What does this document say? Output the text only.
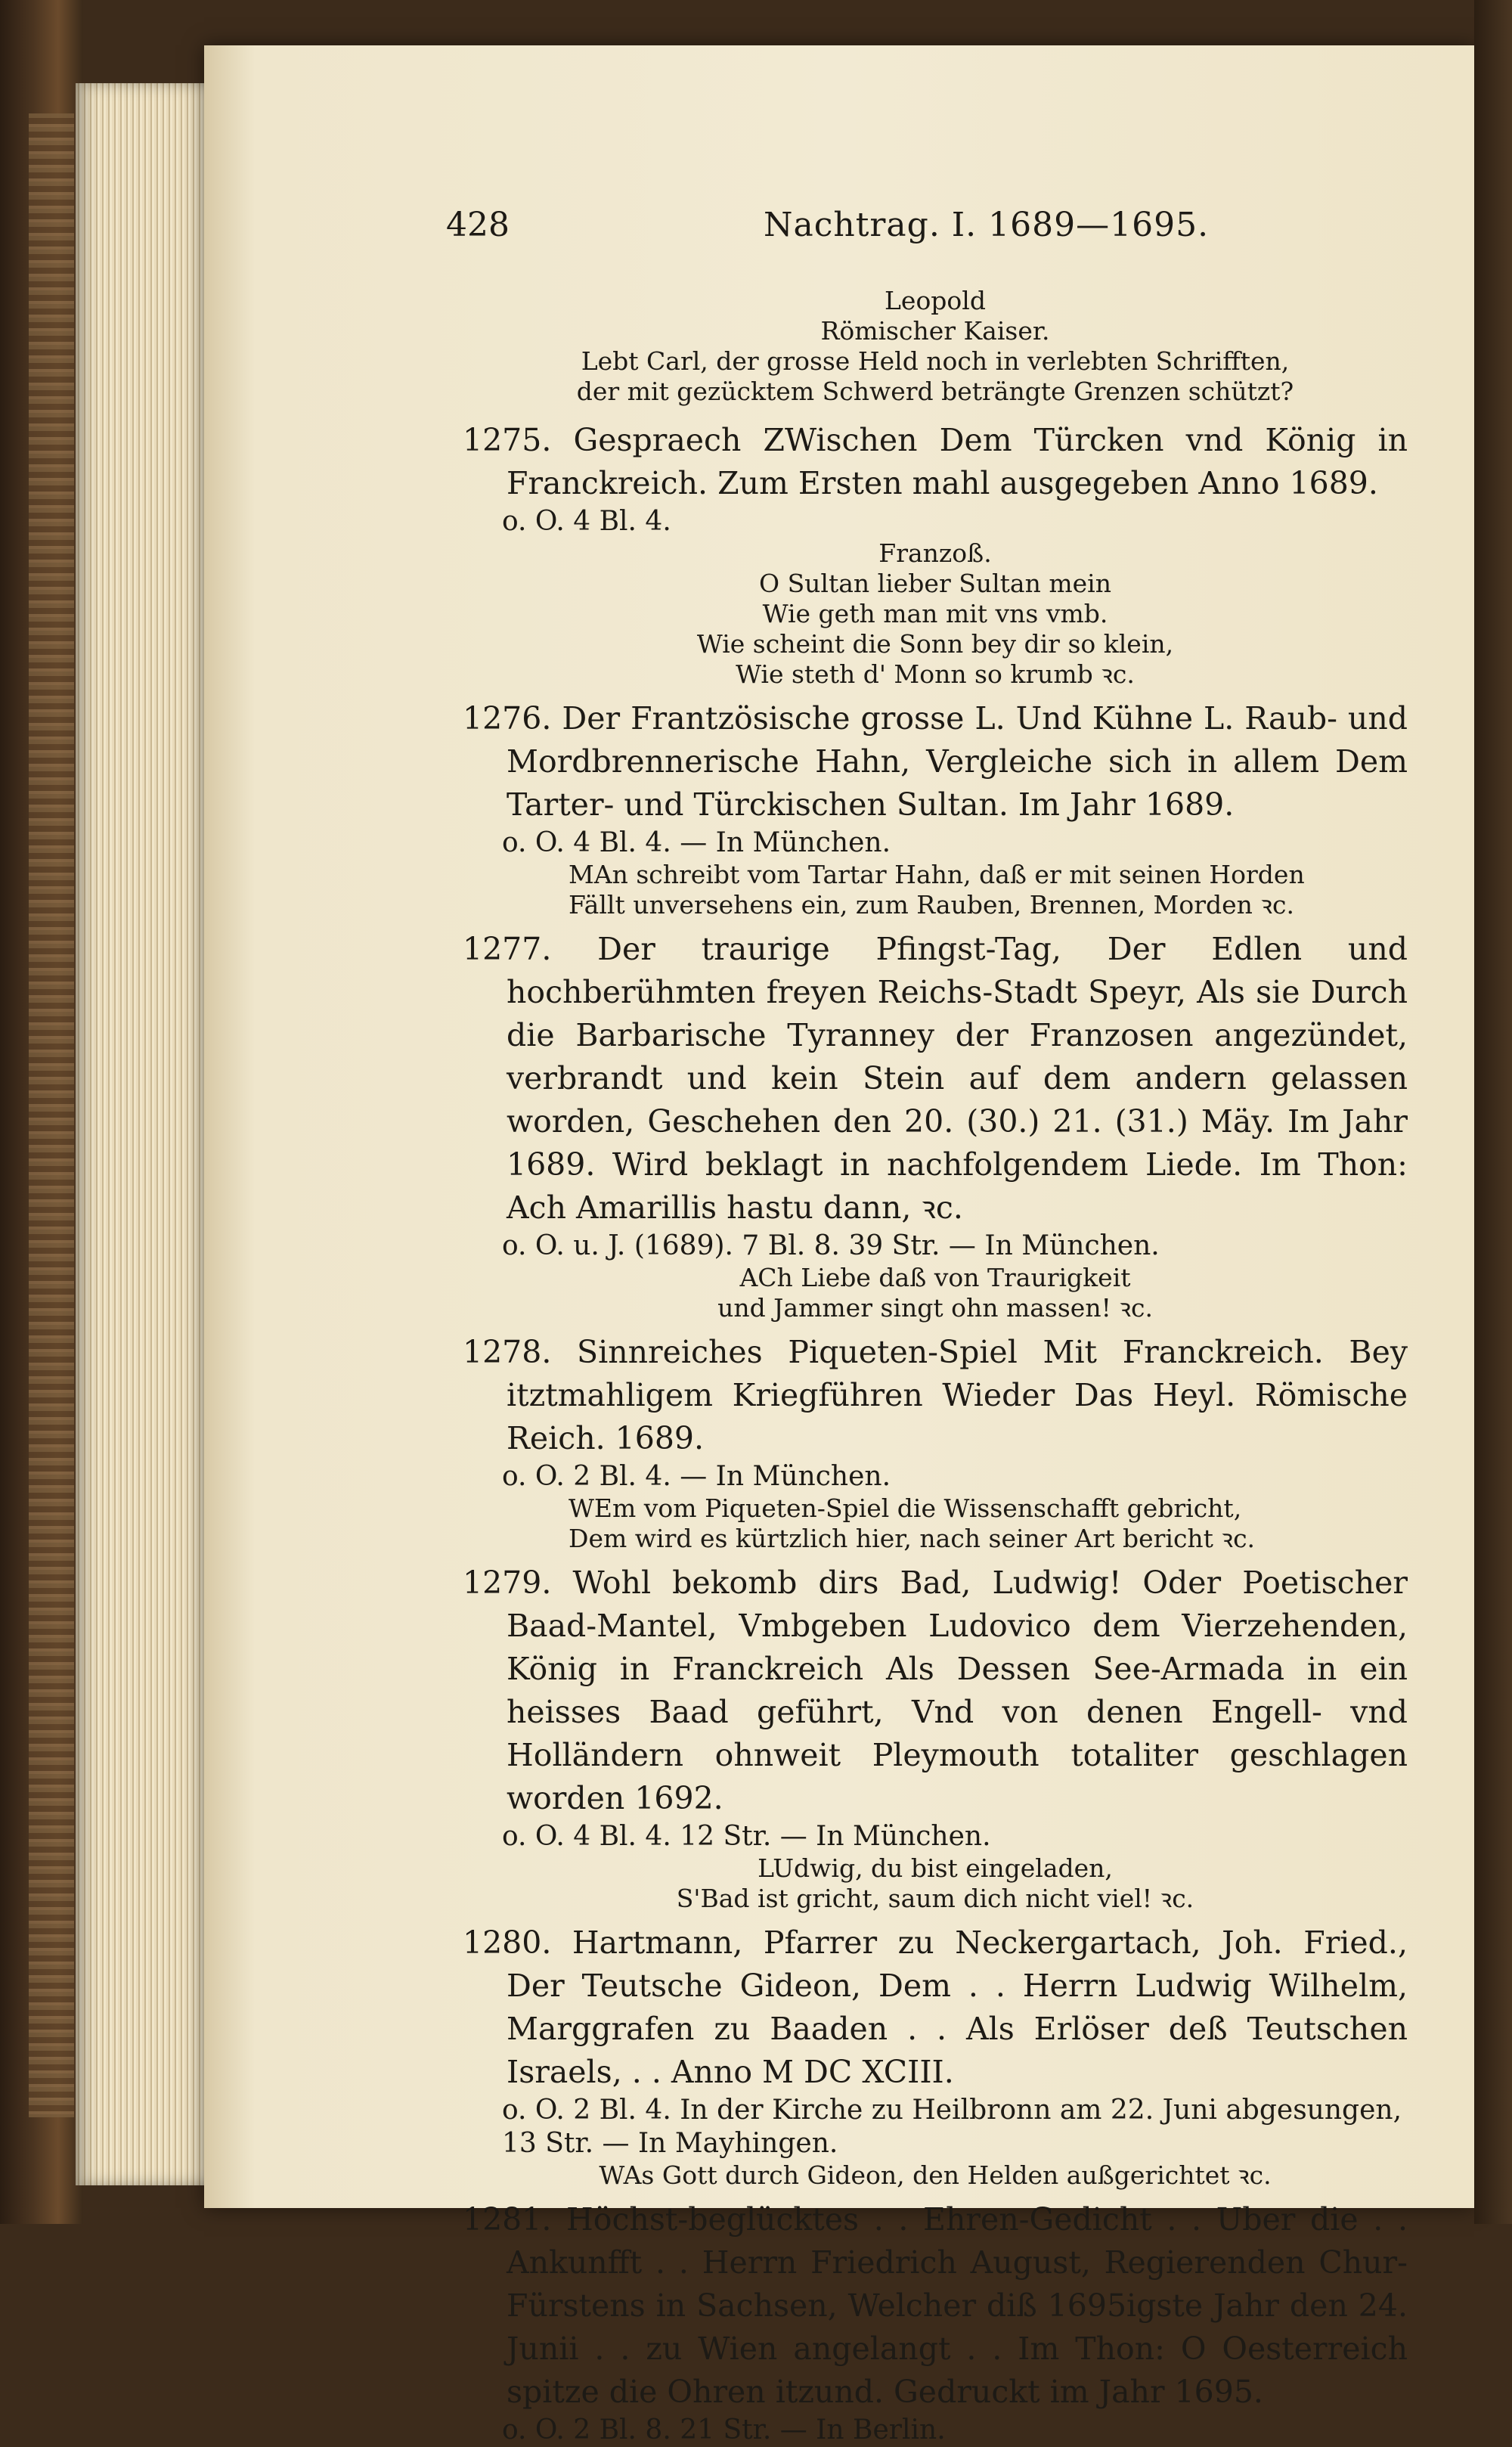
428	Nachtrag. I. 1689—1695.

Leopold

Römischer Kaiser.

Lebt Carl, der grosse Held noch in verlebten Schrifften,

der mit gezücktem Schwerd beträngte Grenzen schützt?

1275. Gespraech ZWischen Dem Türcken vnd König in Franckreich. Zum Ersten mahl ausgegeben Anno 1689.

o. O. 4 Bl. 4.

Franzoß.

O Sultan lieber Sultan mein

Wie geth man mit vns vmb.

Wie scheint die Sonn bey dir so klein,

Wie steth d' Monn so krumb ꝛc.

1276. Der Frantzösische grosse L. Und Kühne L. Raub- und Mordbrennerische Hahn, Vergleiche sich in allem Dem Tarter- und Türckischen Sultan. Im Jahr 1689.

o. O. 4 Bl. 4. — In München.

MAn schreibt vom Tartar Hahn, daß er mit seinen Horden

Fällt unversehens ein, zum Rauben, Brennen, Morden ꝛc.

1277. Der traurige Pfingst-Tag, Der Edlen und hochberühmten freyen Reichs-Stadt Speyr, Als sie Durch die Barbarische Tyranney der Franzosen angezündet, verbrandt und kein Stein auf dem andern gelassen worden, Geschehen den 20. (30.) 21. (31.) Mäy. Im Jahr 1689. Wird beklagt in nachfolgendem Liede. Im Thon: Ach Amarillis hastu dann, ꝛc.

o. O. u. J. (1689). 7 Bl. 8. 39 Str. — In München.

ACh Liebe daß von Traurigkeit

und Jammer singt ohn massen! ꝛc.

1278. Sinnreiches Piqueten-Spiel Mit Franckreich. Bey itztmahligem Kriegführen Wieder Das Heyl. Römische Reich. 1689.

o. O. 2 Bl. 4. — In München.

WEm vom Piqueten-Spiel die Wissenschafft gebricht,

Dem wird es kürtzlich hier, nach seiner Art bericht ꝛc.

1279. Wohl bekomb dirs Bad, Ludwig! Oder Poetischer Baad-Mantel, Vmbgeben Ludovico dem Vierzehenden, König in Franckreich Als Dessen See-Armada in ein heisses Baad geführt, Vnd von denen Engell- vnd Holländern ohnweit Pleymouth totaliter geschlagen worden 1692.

o. O. 4 Bl. 4. 12 Str. — In München.

LUdwig, du bist eingeladen,

S'Bad ist gricht, saum dich nicht viel! ꝛc.

1280. Hartmann, Pfarrer zu Neckergartach, Joh. Fried., Der Teutsche Gideon, Dem . . Herrn Ludwig Wilhelm, Marggrafen zu Baaden . . Als Erlöser deß Teutschen Israels, . . Anno M DC XCIII.

o. O. 2 Bl. 4. In der Kirche zu Heilbronn am 22. Juni abgesungen, 13 Str. — In Mayhingen.

WAs Gott durch Gideon, den Helden außgerichtet ꝛc.

1281. Höchst-beglücktes . . Ehren-Gedicht . . Uber die . . Ankunfft . . Herrn Friedrich August, Regierenden Chur-Fürstens in Sachsen, Welcher diß 1695igste Jahr den 24. Junii . . zu Wien angelangt . . Im Thon: O Oesterreich spitze die Ohren itzund. Gedruckt im Jahr 1695.

o. O. 2 Bl. 8. 21 Str. — In Berlin.
